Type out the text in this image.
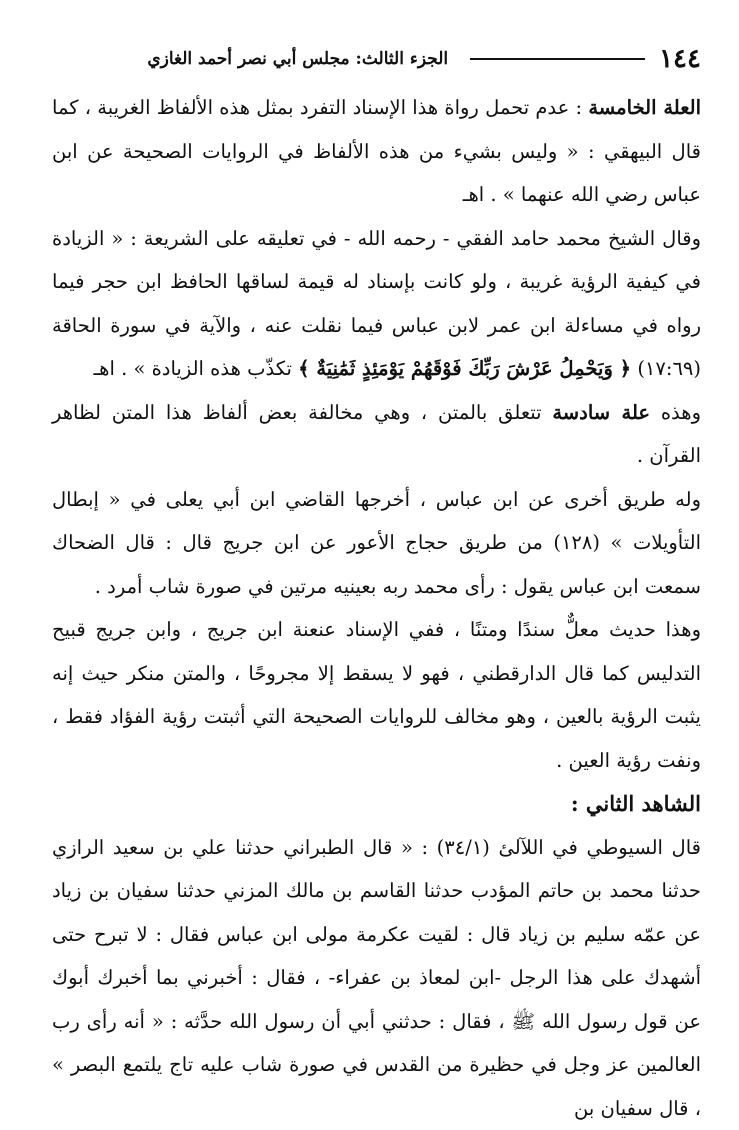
١٤٤
الجزء الثالث: مجلس أبي نصر أحمد الغازي

العلة الخامسة : عدم تحمل رواة هذا الإسناد التفرد بمثل هذه الألفاظ الغريبة ، كما قال البيهقي : « وليس بشيء من هذه الألفاظ في الروايات الصحيحة عن ابن عباس رضي الله عنهما » . اهـ

وقال الشيخ محمد حامد الفقي - رحمه الله - في تعليقه على الشريعة : « الزيادة في كيفية الرؤية غريبة ، ولو كانت بإسناد له قيمة لساقها الحافظ ابن حجر فيما رواه في مساءلة ابن عمر لابن عباس فيما نقلت عنه ، والآية في سورة الحاقة (١٧:٦٩) ﴿ وَيَحْمِلُ عَرْشَ رَبِّكَ فَوْقَهُمْ يَوْمَئِذٍ ثَمَٰنِيَةٌ ﴾ تكذّب هذه الزيادة » . اهـ

وهذه علة سادسة تتعلق بالمتن ، وهي مخالفة بعض ألفاظ هذا المتن لظاهر القرآن .

وله طريق أخرى عن ابن عباس ، أخرجها القاضي ابن أبي يعلى في « إبطال التأويلات » (١٢٨) من طريق حجاج الأعور عن ابن جريج قال : قال الضحاك سمعت ابن عباس يقول : رأى محمد ربه بعينيه مرتين في صورة شاب أمرد .

وهذا حديث معلٌّ سندًا ومتنًا ، ففي الإسناد عنعنة ابن جريج ، وابن جريج قبيح التدليس كما قال الدارقطني ، فهو لا يسقط إلا مجروحًا ، والمتن منكر حيث إنه يثبت الرؤية بالعين ، وهو مخالف للروايات الصحيحة التي أثبتت رؤية الفؤاد فقط ، ونفت رؤية العين .

الشاهد الثاني :

قال السيوطي في اللآلئ (٣٤/١) : « قال الطبراني حدثنا علي بن سعيد الرازي حدثنا محمد بن حاتم المؤدب حدثنا القاسم بن مالك المزني حدثنا سفيان بن زياد عن عمّه سليم بن زياد قال : لقيت عكرمة مولى ابن عباس فقال : لا تبرح حتى أشهدك على هذا الرجل -ابن لمعاذ بن عفراء- ، فقال : أخبرني بما أخبرك أبوك عن قول رسول الله ﷺ ، فقال : حدثني أبي أن رسول الله حدَّثه : « أنه رأى رب العالمين عز وجل في حظيرة من القدس في صورة شاب عليه تاج يلتمع البصر » ، قال سفيان بن
